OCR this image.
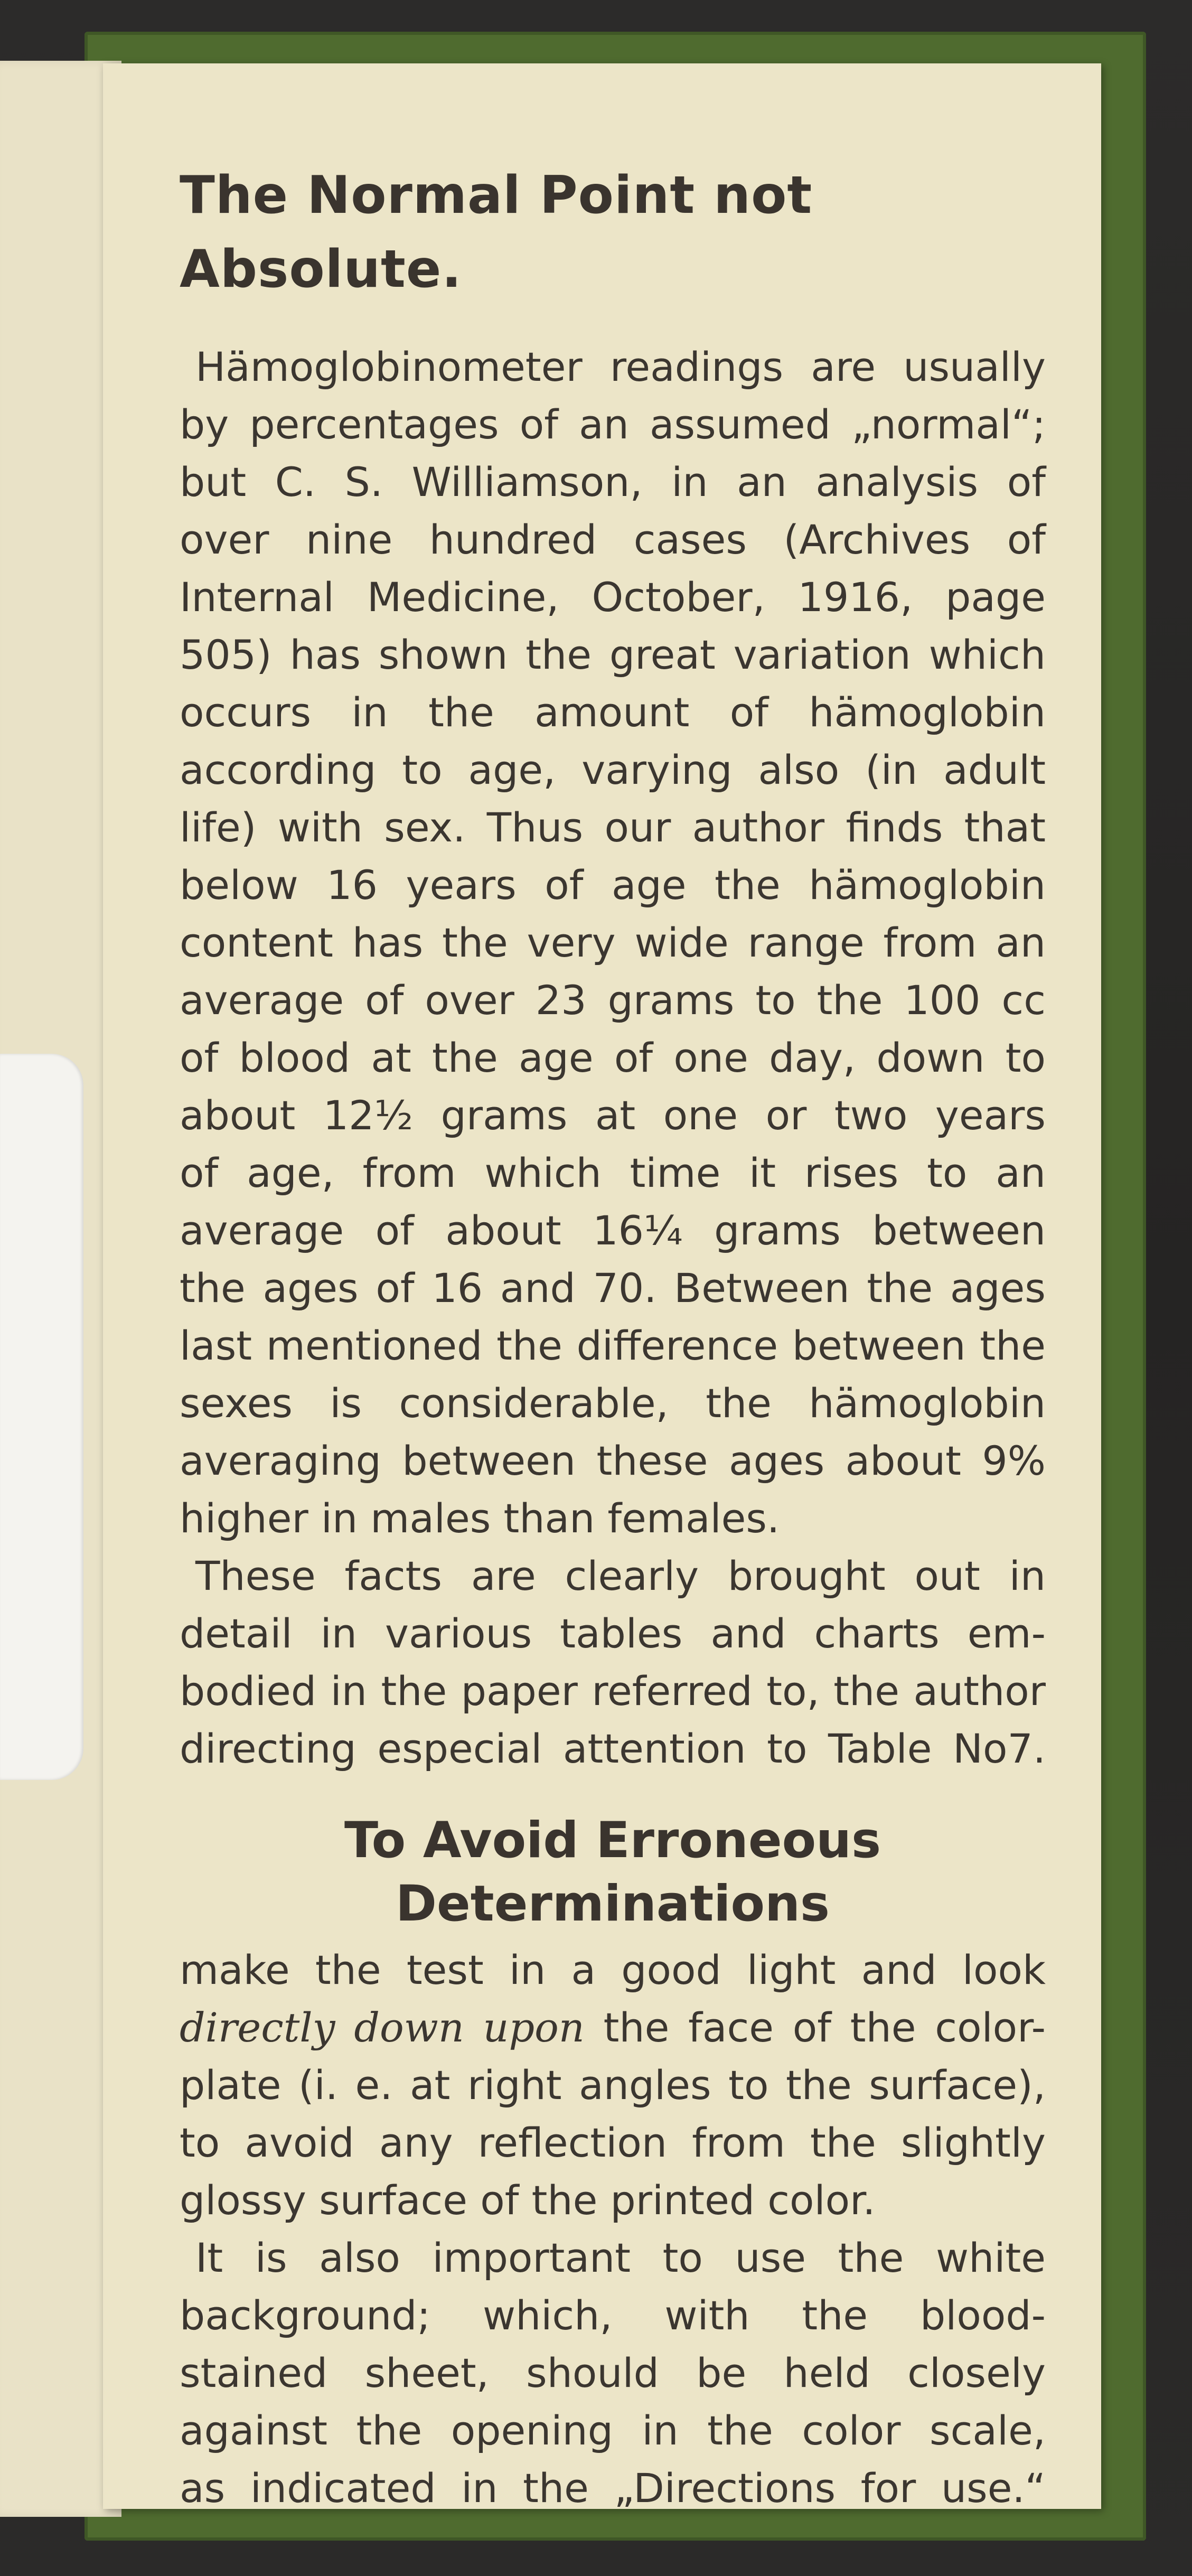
The Normal Point not Absolute.

Hämoglobinometer readings are usually
by percentages of an assumed „normal“;
but C. S. Williamson, in an analysis of
over nine hundred cases (Archives of
Internal Medicine, October, 1916, page
505) has shown the great variation which
occurs in the amount of hämoglobin
according to age, varying also (in adult
life) with sex. Thus our author finds that
below 16 years of age the hämoglobin
content has the very wide range from an
average of over 23 grams to the 100 cc
of blood at the age of one day, down to
about 12½ grams at one or two years
of age, from which time it rises to an
average of about 16¼ grams between
the ages of 16 and 70. Between the ages
last mentioned the difference between the
sexes is considerable, the hämoglobin
averaging between these ages about 9%
higher in males than females.

These facts are clearly brought out in
detail in various tables and charts em-
bodied in the paper referred to, the author
directing especial attention to Table No7.

To Avoid Erroneous
Determinations

make the test in a good light and look
directly down upon the face of the color-
plate (i. e. at right angles to the surface),
to avoid any reflection from the slightly
glossy surface of the printed color.

It is also important to use the white
background; which, with the blood-
stained sheet, should be held closely
against the opening in the color scale,
as indicated in the „Directions for use.“
